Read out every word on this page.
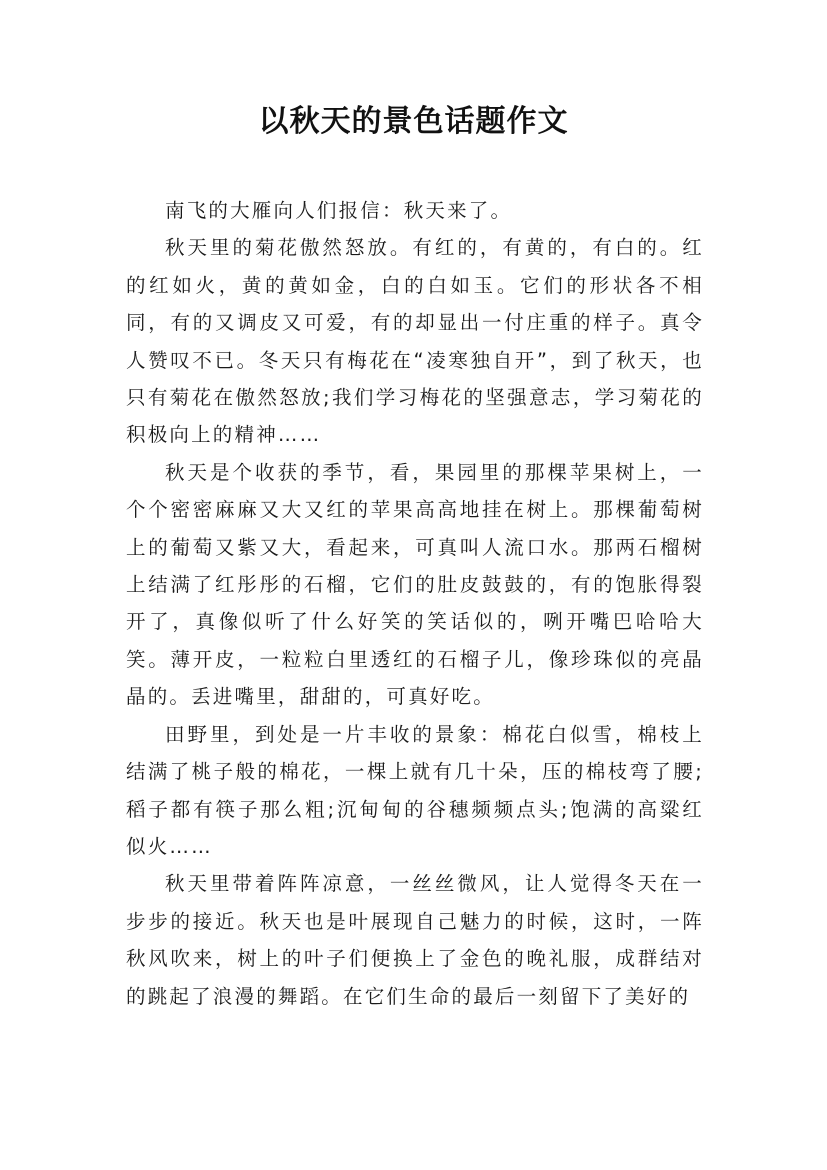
以秋天的景色话题作文

南飞的大雁向人们报信：秋天来了。

秋天里的菊花傲然怒放。有红的，有黄的，有白的。红的红如火，黄的黄如金，白的白如玉。它们的形状各不相同，有的又调皮又可爱，有的却显出一付庄重的样子。真令人赞叹不已。冬天只有梅花在“凌寒独自开”，到了秋天，也只有菊花在傲然怒放;我们学习梅花的坚强意志，学习菊花的积极向上的精神……

秋天是个收获的季节，看，果园里的那棵苹果树上，一个个密密麻麻又大又红的苹果高高地挂在树上。那棵葡萄树上的葡萄又紫又大，看起来，可真叫人流口水。那两石榴树上结满了红彤彤的石榴，它们的肚皮鼓鼓的，有的饱胀得裂开了，真像似听了什么好笑的笑话似的，咧开嘴巴哈哈大笑。薄开皮，一粒粒白里透红的石榴子儿，像珍珠似的亮晶晶的。丢进嘴里，甜甜的，可真好吃。

田野里，到处是一片丰收的景象：棉花白似雪，棉枝上结满了桃子般的棉花，一棵上就有几十朵，压的棉枝弯了腰;稻子都有筷子那么粗;沉甸甸的谷穗频频点头;饱满的高粱红似火……

秋天里带着阵阵凉意，一丝丝微风，让人觉得冬天在一步步的接近。秋天也是叶展现自己魅力的时候，这时，一阵秋风吹来，树上的叶子们便换上了金色的晚礼服，成群结对的跳起了浪漫的舞蹈。在它们生命的最后一刻留下了美好的
